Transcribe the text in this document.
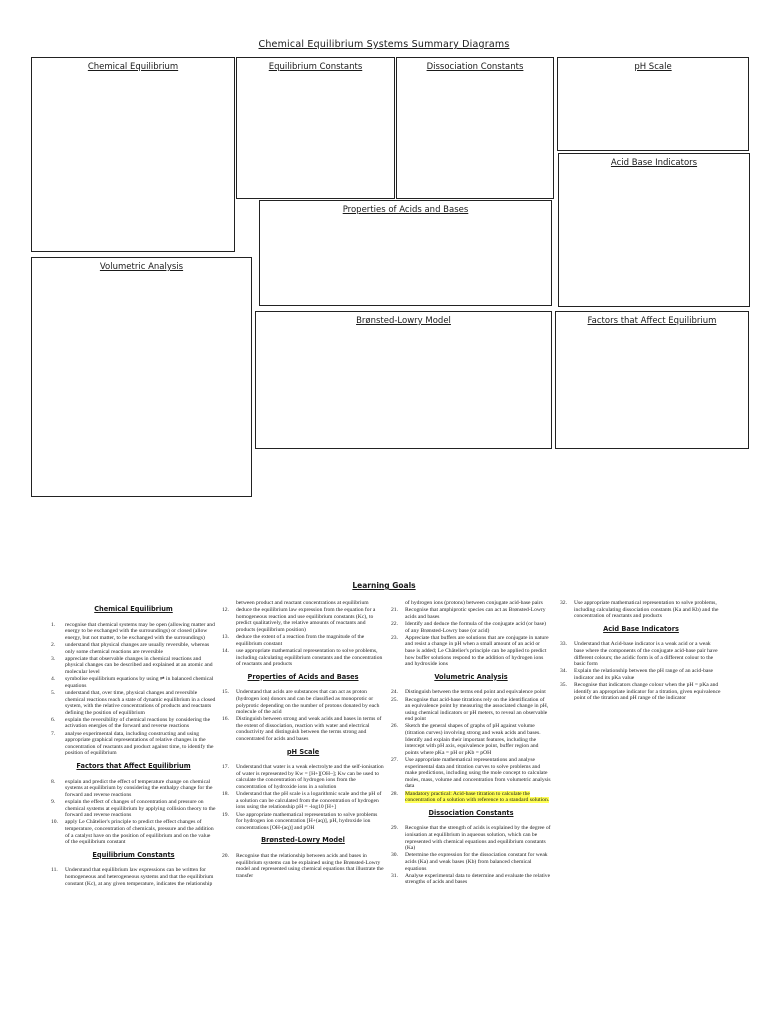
Chemical Equilibrium Systems Summary Diagrams
Chemical Equilibrium	Equilibrium Constants	Dissociation Constants	pH Scale
Acid Base Indicators
Properties of Acids and Bases
Volumetric Analysis
Brønsted-Lowry Model	Factors that Affect Equilibrium
Learning Goals
Chemical Equilibrium
1. recognise that chemical systems may be open (allowing matter and energy to be exchanged with the surroundings) or closed (allow energy, but not matter, to be exchanged with the surroundings)
2. understand that physical changes are usually reversible, whereas only some chemical reactions are reversible
3. appreciate that observable changes in chemical reactions and physical changes can be described and explained at an atomic and molecular level
4. symbolise equilibrium equations by using ⇌ in balanced chemical equations
5. understand that, over time, physical changes and reversible chemical reactions reach a state of dynamic equilibrium in a closed system, with the relative concentrations of products and reactants defining the position of equilibrium
6. explain the reversibility of chemical reactions by considering the activation energies of the forward and reverse reactions
7. analyse experimental data, including constructing and using appropriate graphical representations of relative changes in the concentration of reactants and product against time, to identify the position of equilibrium
Factors that Affect Equilibrium
8. explain and predict the effect of temperature change on chemical systems at equilibrium by considering the enthalpy change for the forward and reverse reactions
9. explain the effect of changes of concentration and pressure on chemical systems at equilibrium by applying collision theory to the forward and reverse reactions
10. apply Le Châtelier's principle to predict the effect changes of temperature, concentration of chemicals, pressure and the addition of a catalyst have on the position of equilibrium and on the value of the equilibrium constant
Equilibrium Constants
11. Understand that equilibrium law expressions can be written for homogeneous and heterogeneous systems and that the equilibrium constant (Kc), at any given temperature, indicates the relationship
between product and reactant concentrations at equilibrium
12. deduce the equilibrium law expression from the equation for a homogeneous reaction and use equilibrium constants (Kc), to predict qualitatively, the relative amounts of reactants and products (equilibrium position)
13. deduce the extent of a reaction from the magnitude of the equilibrium constant
14. use appropriate mathematical representation to solve problems, including calculating equilibrium constants and the concentration of reactants and products
Properties of Acids and Bases
15. Understand that acids are substances that can act as proton (hydrogen ion) donors and can be classified as monoprotic or polyprotic depending on the number of protons donated by each molecule of the acid
16. Distinguish between strong and weak acids and bases in terms of the extent of dissociation, reaction with water and electrical conductivity and distinguish between the terms strong and concentrated for acids and bases
pH Scale
17. Understand that water is a weak electrolyte and the self-ionisation of water is represented by Kw = [H+][OH–]; Kw can be used to calculate the concentration of hydrogen ions from the concentration of hydroxide ions in a solution
18. Understand that the pH scale is a logarithmic scale and the pH of a solution can be calculated from the concentration of hydrogen ions using the relationship pH = -log10 [H+]
19. Use appropriate mathematical representation to solve problems for hydrogen ion concentration [H+(aq)], pH, hydroxide ion concentrations [OH-(aq)] and pOH
Brønsted-Lowry Model
20. Recognise that the relationship between acids and bases in equilibrium systems can be explained using the Brønsted-Lowry model and represented using chemical equations that illustrate the transfer
of hydrogen ions (protons) between conjugate acid-base pairs
21. Recognise that amphiprotic species can act as Brønsted-Lowry acids and bases
22. Identify and deduce the formula of the conjugate acid (or base) of any Brønsted-Lowry base (or acid)
23. Appreciate that buffers are solutions that are conjugate in nature and resist a change in pH when a small amount of an acid or base is added; Le Châtelier's principle can be applied to predict how buffer solutions respond to the addition of hydrogen ions and hydroxide ions
Volumetric Analysis
24. Distinguish between the terms end point and equivalence point
25. Recognise that acid-base titrations rely on the identification of an equivalence point by measuring the associated change in pH, using chemical indicators or pH meters, to reveal an observable end point
26. Sketch the general shapes of graphs of pH against volume (titration curves) involving strong and weak acids and bases. Identify and explain their important features, including the intercept with pH axis, equivalence point, buffer region and points where pKa = pH or pKb = pOH
27. Use appropriate mathematical representations and analyse experimental data and titration curves to solve problems and make predictions, including using the mole concept to calculate moles, mass, volume and concentration from volumetric analysis data
28. Mandatory practical: Acid-base titration to calculate the concentration of a solution with reference to a standard solution.
Dissociation Constants
29. Recognise that the strength of acids is explained by the degree of ionisation at equilibrium in aqueous solution, which can be represented with chemical equations and equilibrium constants (Ka)
30. Determine the expression for the dissociation constant for weak acids (Ka) and weak bases (Kb) from balanced chemical equations
31. Analyse experimental data to determine and evaluate the relative strengths of acids and bases
32. Use appropriate mathematical representation to solve problems, including calculating dissociation constants (Ka and Kb) and the concentration of reactants and products
Acid Base Indicators
33. Understand that Acid-base indicator is a weak acid or a weak base where the components of the conjugate acid-base pair have different colours; the acidic form is of a different colour to the basic form
34. Explain the relationship between the pH range of an acid-base indicator and its pKa value
35. Recognise that indicators change colour when the pH = pKa and identify an appropriate indicator for a titration, given equivalence point of the titration and pH range of the indicator
